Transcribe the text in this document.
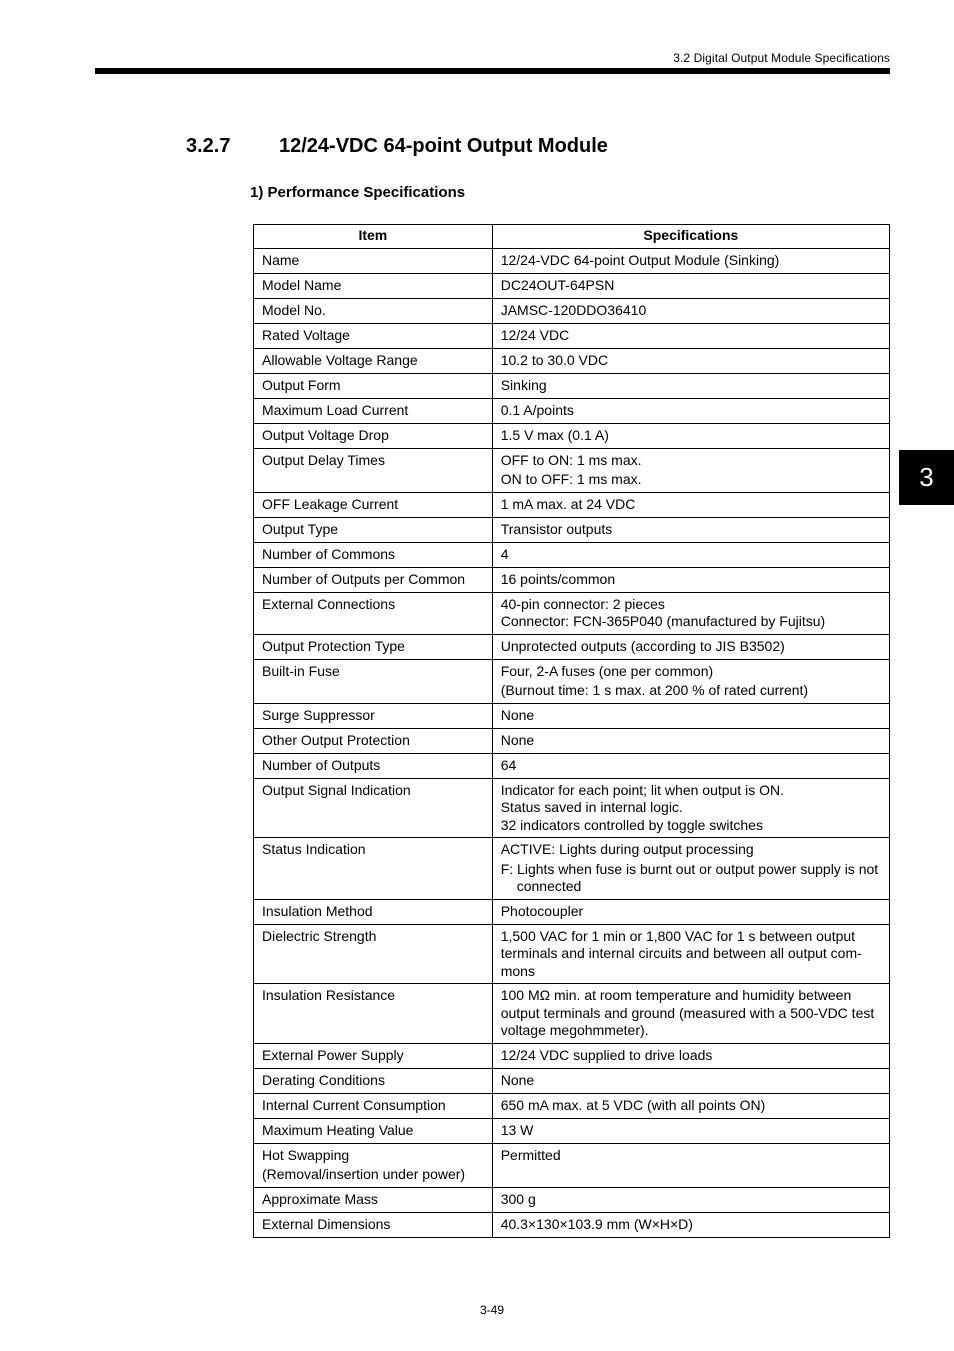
3.2 Digital Output Module Specifications
3.2.7 12/24-VDC 64-point Output Module
1) Performance Specifications
3
Item	Specifications

Name	12/24-VDC 64-point Output Module (Sinking)

Model Name	DC24OUT-64PSN

Model No.	JAMSC-120DDO36410

Rated Voltage	12/24 VDC

Allowable Voltage Range	10.2 to 30.0 VDC

Output Form	Sinking

Maximum Load Current	0.1 A/points

Output Voltage Drop	1.5 V max (0.1 A)

Output Delay Times	OFF to ON: 1 ms max.
ON to OFF: 1 ms max.

OFF Leakage Current	1 mA max. at 24 VDC

Output Type	Transistor outputs

Number of Commons	4

Number of Outputs per Common	16 points/common

External Connections	40-pin connector: 2 pieces
Connector: FCN-365P040 (manufactured by Fujitsu)

Output Protection Type	Unprotected outputs (according to JIS B3502)

Built-in Fuse	Four, 2-A fuses (one per common)
(Burnout time: 1 s max. at 200 % of rated current)

Surge Suppressor	None

Other Output Protection	None

Number of Outputs	64

Output Signal Indication	Indicator for each point; lit when output is ON.
Status saved in internal logic.
32 indicators controlled by toggle switches

Status Indication	ACTIVE: Lights during output processing
F: Lights when fuse is burnt out or output power supply is not
connected

Insulation Method	Photocoupler

Dielectric Strength	1,500 VAC for 1 min or 1,800 VAC for 1 s between output
terminals and internal circuits and between all output com-
mons

Insulation Resistance	100 MΩ min. at room temperature and humidity between
output terminals and ground (measured with a 500-VDC test
voltage megohmmeter).

External Power Supply	12/24 VDC supplied to drive loads

Derating Conditions	None

Internal Current Consumption	650 mA max. at 5 VDC (with all points ON)

Maximum Heating Value	13 W

Hot Swapping
(Removal/insertion under power)	Permitted

Approximate Mass	300 g

External Dimensions	40.3×130×103.9 mm (W×H×D)
3-49
